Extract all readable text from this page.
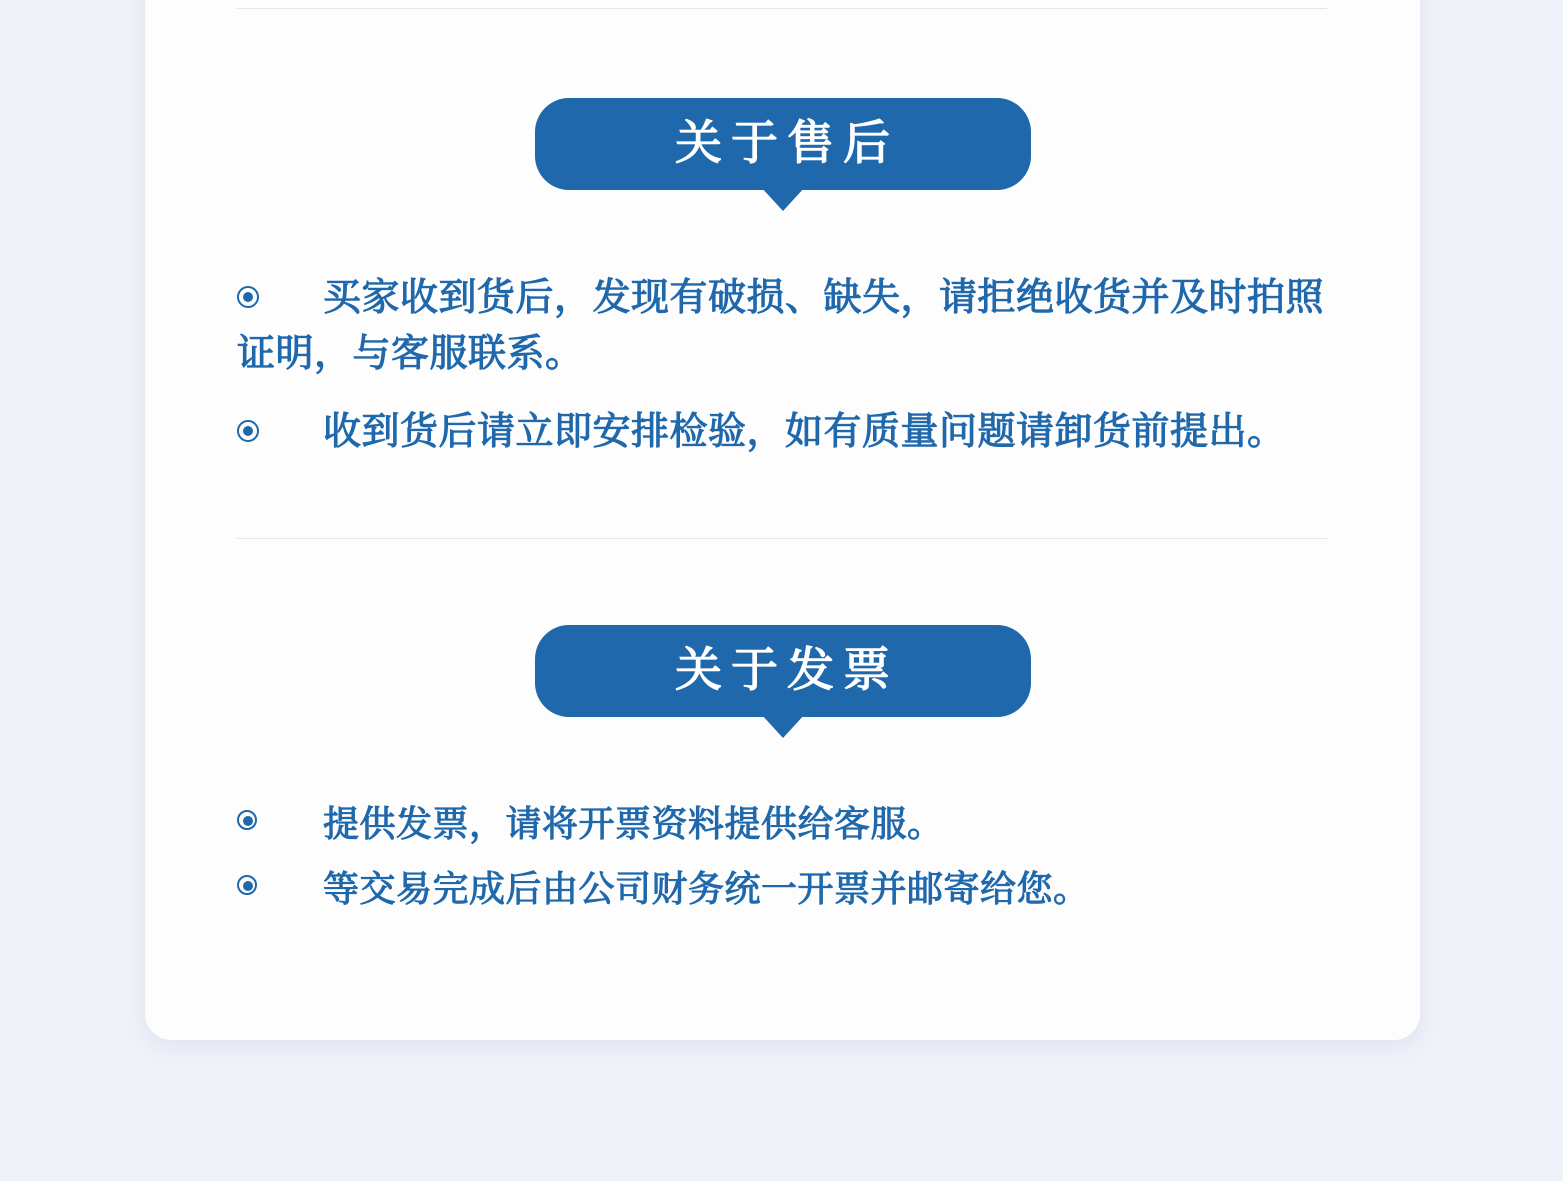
关于售后
买家收到货后，发现有破损、缺失，请拒绝收货并及时拍照证明，与客服联系。
收到货后请立即安排检验，如有质量问题请卸货前提出。
关于发票
提供发票，请将开票资料提供给客服。
等交易完成后由公司财务统一开票并邮寄给您。
